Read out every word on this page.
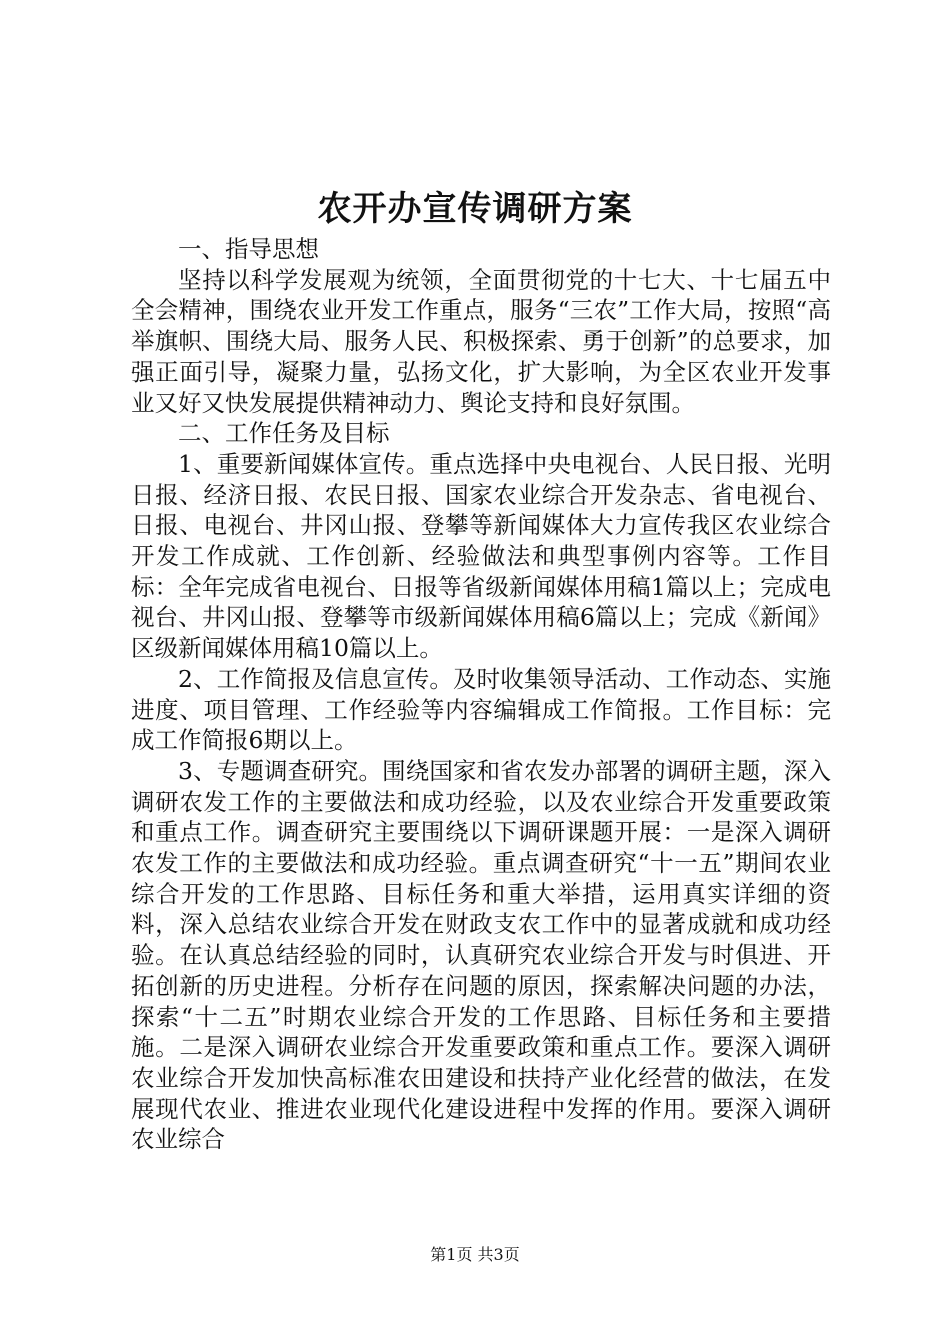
农开办宣传调研方案

一、指导思想

坚持以科学发展观为统领，全面贯彻党的十七大、十七届五中全会精神，围绕农业开发工作重点，服务“三农”工作大局，按照“高举旗帜、围绕大局、服务人民、积极探索、勇于创新”的总要求，加强正面引导，凝聚力量，弘扬文化，扩大影响，为全区农业开发事业又好又快发展提供精神动力、舆论支持和良好氛围。

二、工作任务及目标

1、重要新闻媒体宣传。重点选择中央电视台、人民日报、光明日报、经济日报、农民日报、国家农业综合开发杂志、省电视台、日报、电视台、井冈山报、登攀等新闻媒体大力宣传我区农业综合开发工作成就、工作创新、经验做法和典型事例内容等。工作目标：全年完成省电视台、日报等省级新闻媒体用稿1篇以上；完成电视台、井冈山报、登攀等市级新闻媒体用稿6篇以上；完成《新闻》区级新闻媒体用稿10篇以上。

2、工作简报及信息宣传。及时收集领导活动、工作动态、实施进度、项目管理、工作经验等内容编辑成工作简报。工作目标：完成工作简报6期以上。

3、专题调查研究。围绕国家和省农发办部署的调研主题，深入调研农发工作的主要做法和成功经验，以及农业综合开发重要政策和重点工作。调查研究主要围绕以下调研课题开展：一是深入调研农发工作的主要做法和成功经验。重点调查研究“十一五”期间农业综合开发的工作思路、目标任务和重大举措，运用真实详细的资料，深入总结农业综合开发在财政支农工作中的显著成就和成功经验。在认真总结经验的同时，认真研究农业综合开发与时俱进、开拓创新的历史进程。分析存在问题的原因，探索解决问题的办法，探索“十二五”时期农业综合开发的工作思路、目标任务和主要措施。二是深入调研农业综合开发重要政策和重点工作。要深入调研农业综合开发加快高标准农田建设和扶持产业化经营的做法，在发展现代农业、推进农业现代化建设进程中发挥的作用。要深入调研农业综合

第1页 共3页
